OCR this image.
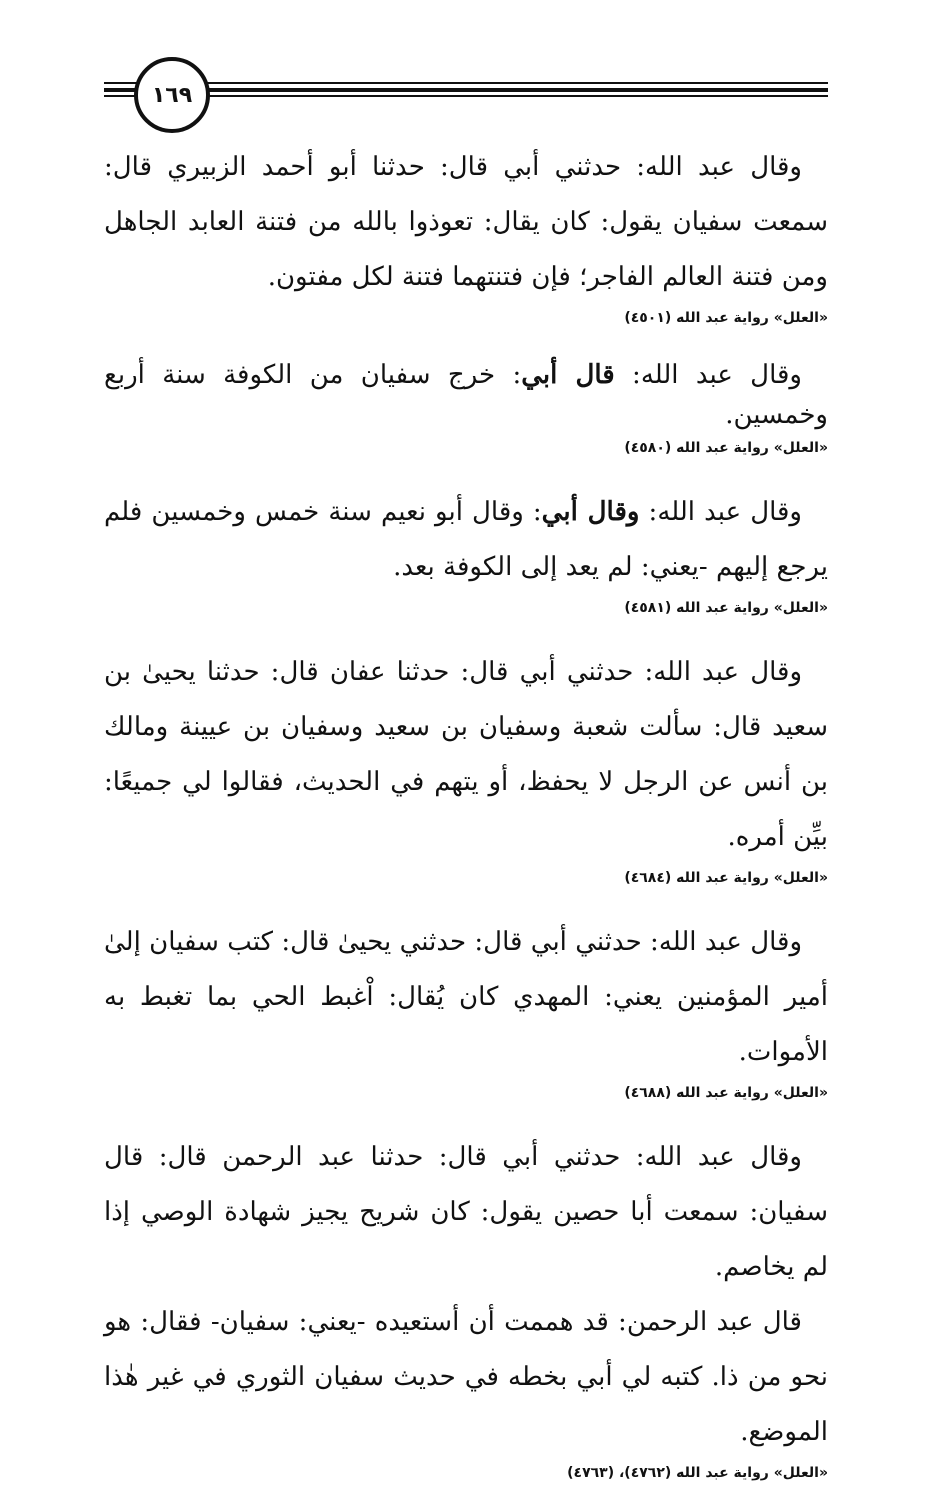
١٦٩

وقال عبد الله: حدثني أبي قال: حدثنا أبو أحمد الزبيري قال: سمعت سفيان يقول: كان يقال: تعوذوا بالله من فتنة العابد الجاهل ومن فتنة العالم الفاجر؛ فإن فتنتهما فتنة لكل مفتون.

«العلل» رواية عبد الله (٤٥٠١)

وقال عبد الله: قال أبي: خرج سفيان من الكوفة سنة أربع وخمسين.

«العلل» رواية عبد الله (٤٥٨٠)

وقال عبد الله: وقال أبي: وقال أبو نعيم سنة خمس وخمسين فلم يرجع إليهم -يعني: لم يعد إلى الكوفة بعد.

«العلل» رواية عبد الله (٤٥٨١)

وقال عبد الله: حدثني أبي قال: حدثنا عفان قال: حدثنا يحيىٰ بن سعيد قال: سألت شعبة وسفيان بن سعيد وسفيان بن عيينة ومالك بن أنس عن الرجل لا يحفظ، أو يتهم في الحديث، فقالوا لي جميعًا: بيِّن أمره.

«العلل» رواية عبد الله (٤٦٨٤)

وقال عبد الله: حدثني أبي قال: حدثني يحيىٰ قال: كتب سفيان إلىٰ أمير المؤمنين يعني: المهدي كان يُقال: اْغبط الحي بما تغبط به الأموات.

«العلل» رواية عبد الله (٤٦٨٨)

وقال عبد الله: حدثني أبي قال: حدثنا عبد الرحمن قال: قال سفيان: سمعت أبا حصين يقول: كان شريح يجيز شهادة الوصي إذا لم يخاصم.

قال عبد الرحمن: قد هممت أن أستعيده -يعني: سفيان- فقال: هو نحو من ذا. كتبه لي أبي بخطه في حديث سفيان الثوري في غير هٰذا الموضع.

«العلل» رواية عبد الله (٤٧٦٢)، (٤٧٦٣)
